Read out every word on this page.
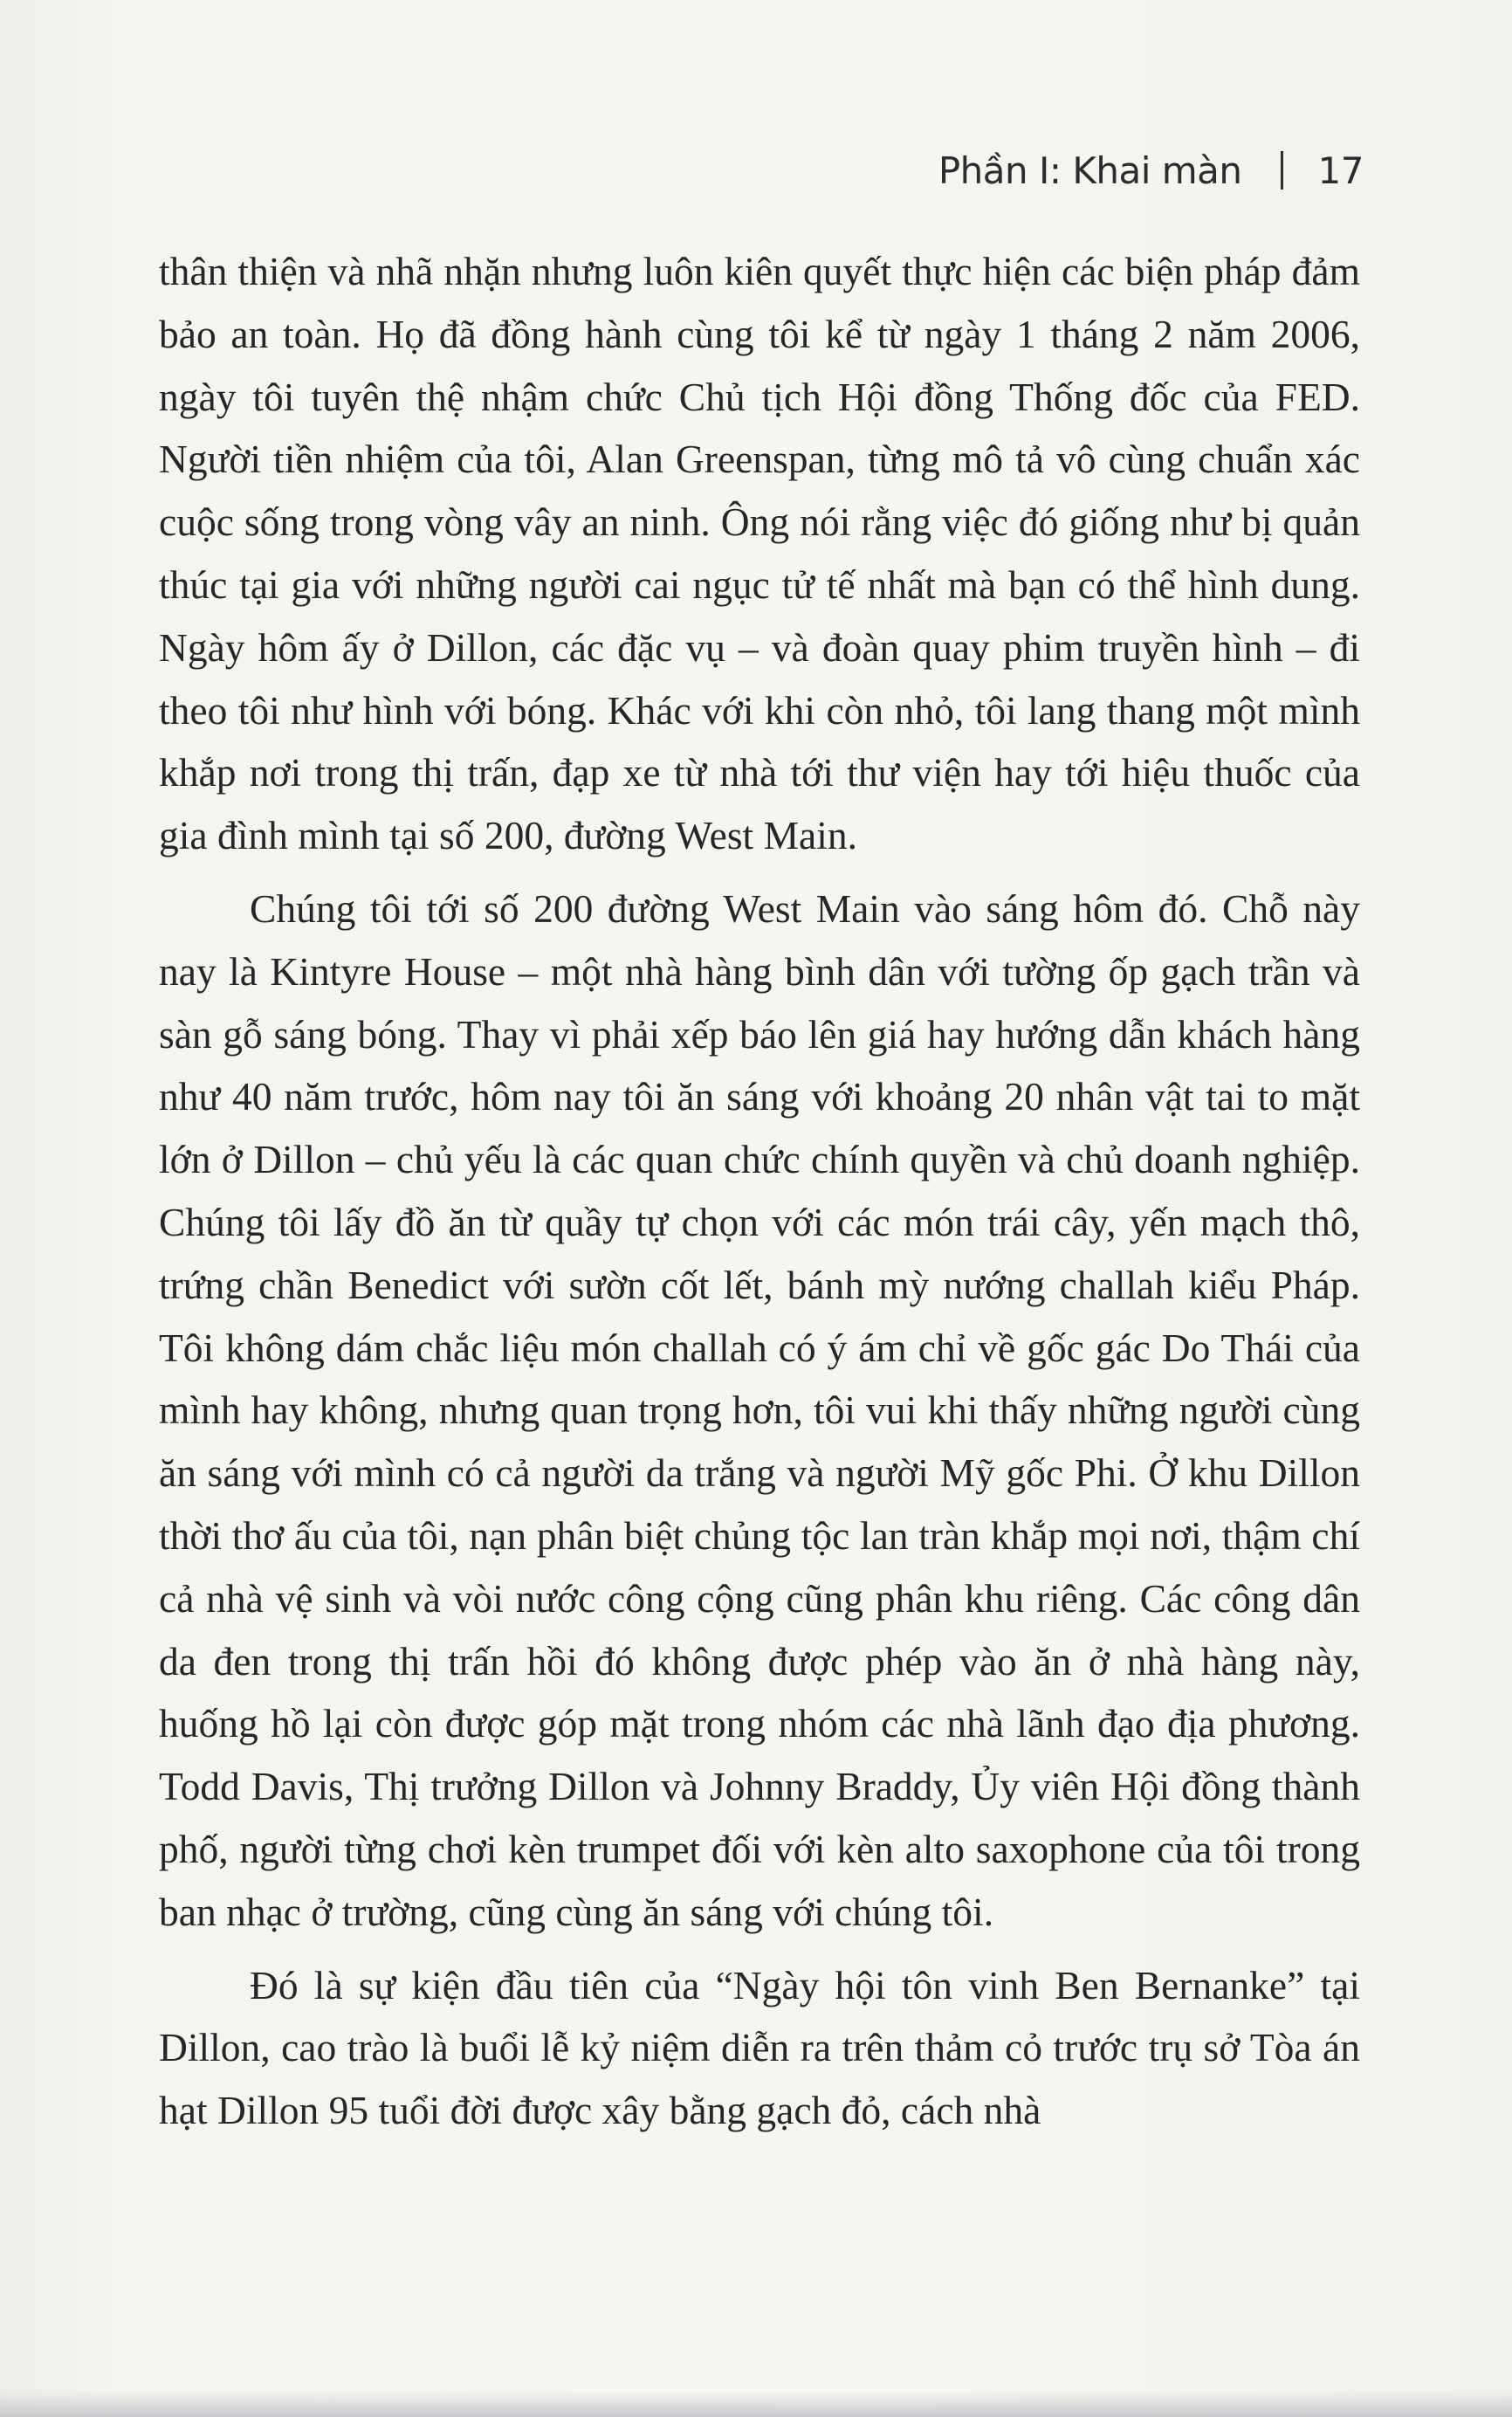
Phần I: Khai màn 17

thân thiện và nhã nhặn nhưng luôn kiên quyết thực hiện các biện pháp đảm bảo an toàn. Họ đã đồng hành cùng tôi kể từ ngày 1 tháng 2 năm 2006, ngày tôi tuyên thệ nhậm chức Chủ tịch Hội đồng Thống đốc của FED. Người tiền nhiệm của tôi, Alan Greenspan, từng mô tả vô cùng chuẩn xác cuộc sống trong vòng vây an ninh. Ông nói rằng việc đó giống như bị quản thúc tại gia với những người cai ngục tử tế nhất mà bạn có thể hình dung. Ngày hôm ấy ở Dillon, các đặc vụ – và đoàn quay phim truyền hình – đi theo tôi như hình với bóng. Khác với khi còn nhỏ, tôi lang thang một mình khắp nơi trong thị trấn, đạp xe từ nhà tới thư viện hay tới hiệu thuốc của gia đình mình tại số 200, đường West Main.

Chúng tôi tới số 200 đường West Main vào sáng hôm đó. Chỗ này nay là Kintyre House – một nhà hàng bình dân với tường ốp gạch trần và sàn gỗ sáng bóng. Thay vì phải xếp báo lên giá hay hướng dẫn khách hàng như 40 năm trước, hôm nay tôi ăn sáng với khoảng 20 nhân vật tai to mặt lớn ở Dillon – chủ yếu là các quan chức chính quyền và chủ doanh nghiệp. Chúng tôi lấy đồ ăn từ quầy tự chọn với các món trái cây, yến mạch thô, trứng chần Benedict với sườn cốt lết, bánh mỳ nướng challah kiểu Pháp. Tôi không dám chắc liệu món challah có ý ám chỉ về gốc gác Do Thái của mình hay không, nhưng quan trọng hơn, tôi vui khi thấy những người cùng ăn sáng với mình có cả người da trắng và người Mỹ gốc Phi. Ở khu Dillon thời thơ ấu của tôi, nạn phân biệt chủng tộc lan tràn khắp mọi nơi, thậm chí cả nhà vệ sinh và vòi nước công cộng cũng phân khu riêng. Các công dân da đen trong thị trấn hồi đó không được phép vào ăn ở nhà hàng này, huống hồ lại còn được góp mặt trong nhóm các nhà lãnh đạo địa phương. Todd Davis, Thị trưởng Dillon và Johnny Braddy, Ủy viên Hội đồng thành phố, người từng chơi kèn trumpet đối với kèn alto saxophone của tôi trong ban nhạc ở trường, cũng cùng ăn sáng với chúng tôi.

Đó là sự kiện đầu tiên của “Ngày hội tôn vinh Ben Bernanke” tại Dillon, cao trào là buổi lễ kỷ niệm diễn ra trên thảm cỏ trước trụ sở Tòa án hạt Dillon 95 tuổi đời được xây bằng gạch đỏ, cách nhà
